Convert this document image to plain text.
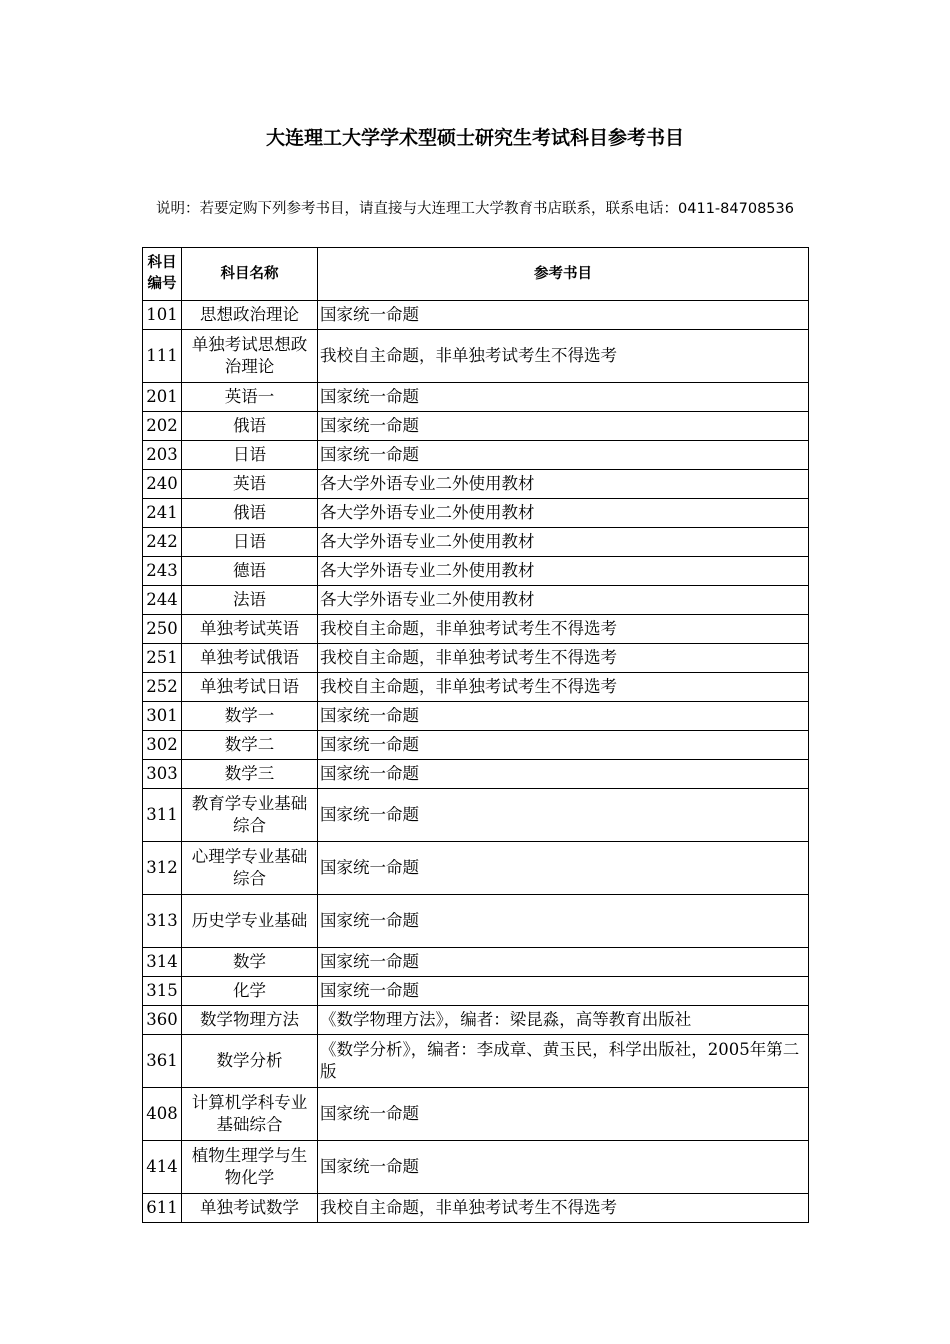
大连理工大学学术型硕士研究生考试科目参考书目
说明：若要定购下列参考书目，请直接与大连理工大学教育书店联系，联系电话：0411-84708536
科目编号	科目名称	参考书目
101	思想政治理论	国家统一命题
111	单独考试思想政治理论	我校自主命题，非单独考试考生不得选考
201	英语一	国家统一命题
202	俄语	国家统一命题
203	日语	国家统一命题
240	英语	各大学外语专业二外使用教材
241	俄语	各大学外语专业二外使用教材
242	日语	各大学外语专业二外使用教材
243	德语	各大学外语专业二外使用教材
244	法语	各大学外语专业二外使用教材
250	单独考试英语	我校自主命题，非单独考试考生不得选考
251	单独考试俄语	我校自主命题，非单独考试考生不得选考
252	单独考试日语	我校自主命题，非单独考试考生不得选考
301	数学一	国家统一命题
302	数学二	国家统一命题
303	数学三	国家统一命题
311	教育学专业基础综合	国家统一命题
312	心理学专业基础综合	国家统一命题
313	历史学专业基础	国家统一命题
314	数学	国家统一命题
315	化学	国家统一命题
360	数学物理方法	《数学物理方法》，编者：梁昆淼，高等教育出版社
361	数学分析	《数学分析》，编者：李成章、黄玉民，科学出版社，2005年第二版
408	计算机学科专业基础综合	国家统一命题
414	植物生理学与生物化学	国家统一命题
611	单独考试数学	我校自主命题，非单独考试考生不得选考
